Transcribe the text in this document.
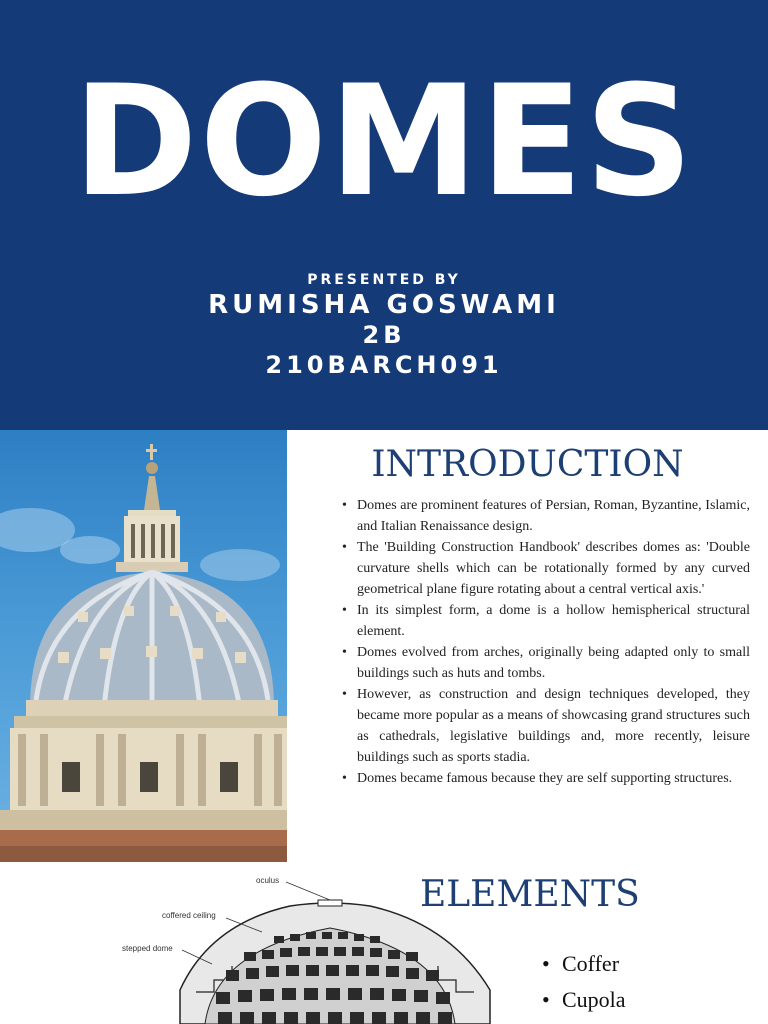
DOMES
PRESENTED BY
RUMISHA GOSWAMI
2B
210BARCH091
INTRODUCTION
• Domes are prominent features of Persian, Roman, Byzantine, Islamic, and Italian Renaissance design.
• The 'Building Construction Handbook' describes domes as: 'Double curvature shells which can be rotationally formed by any curved geometrical plane figure rotating about a central vertical axis.'
• In its simplest form, a dome is a hollow hemispherical structural element.
• Domes evolved from arches, originally being adapted only to small buildings such as huts and tombs.
• However, as construction and design techniques developed, they became more popular as a means of showcasing grand structures such as cathedrals, legislative buildings and, more recently, leisure buildings such as sports stadia.
• Domes became famous because they are self supporting structures.
oculus
coffered ceiling
stepped dome
ELEMENTS
• Coffer
• Cupola
